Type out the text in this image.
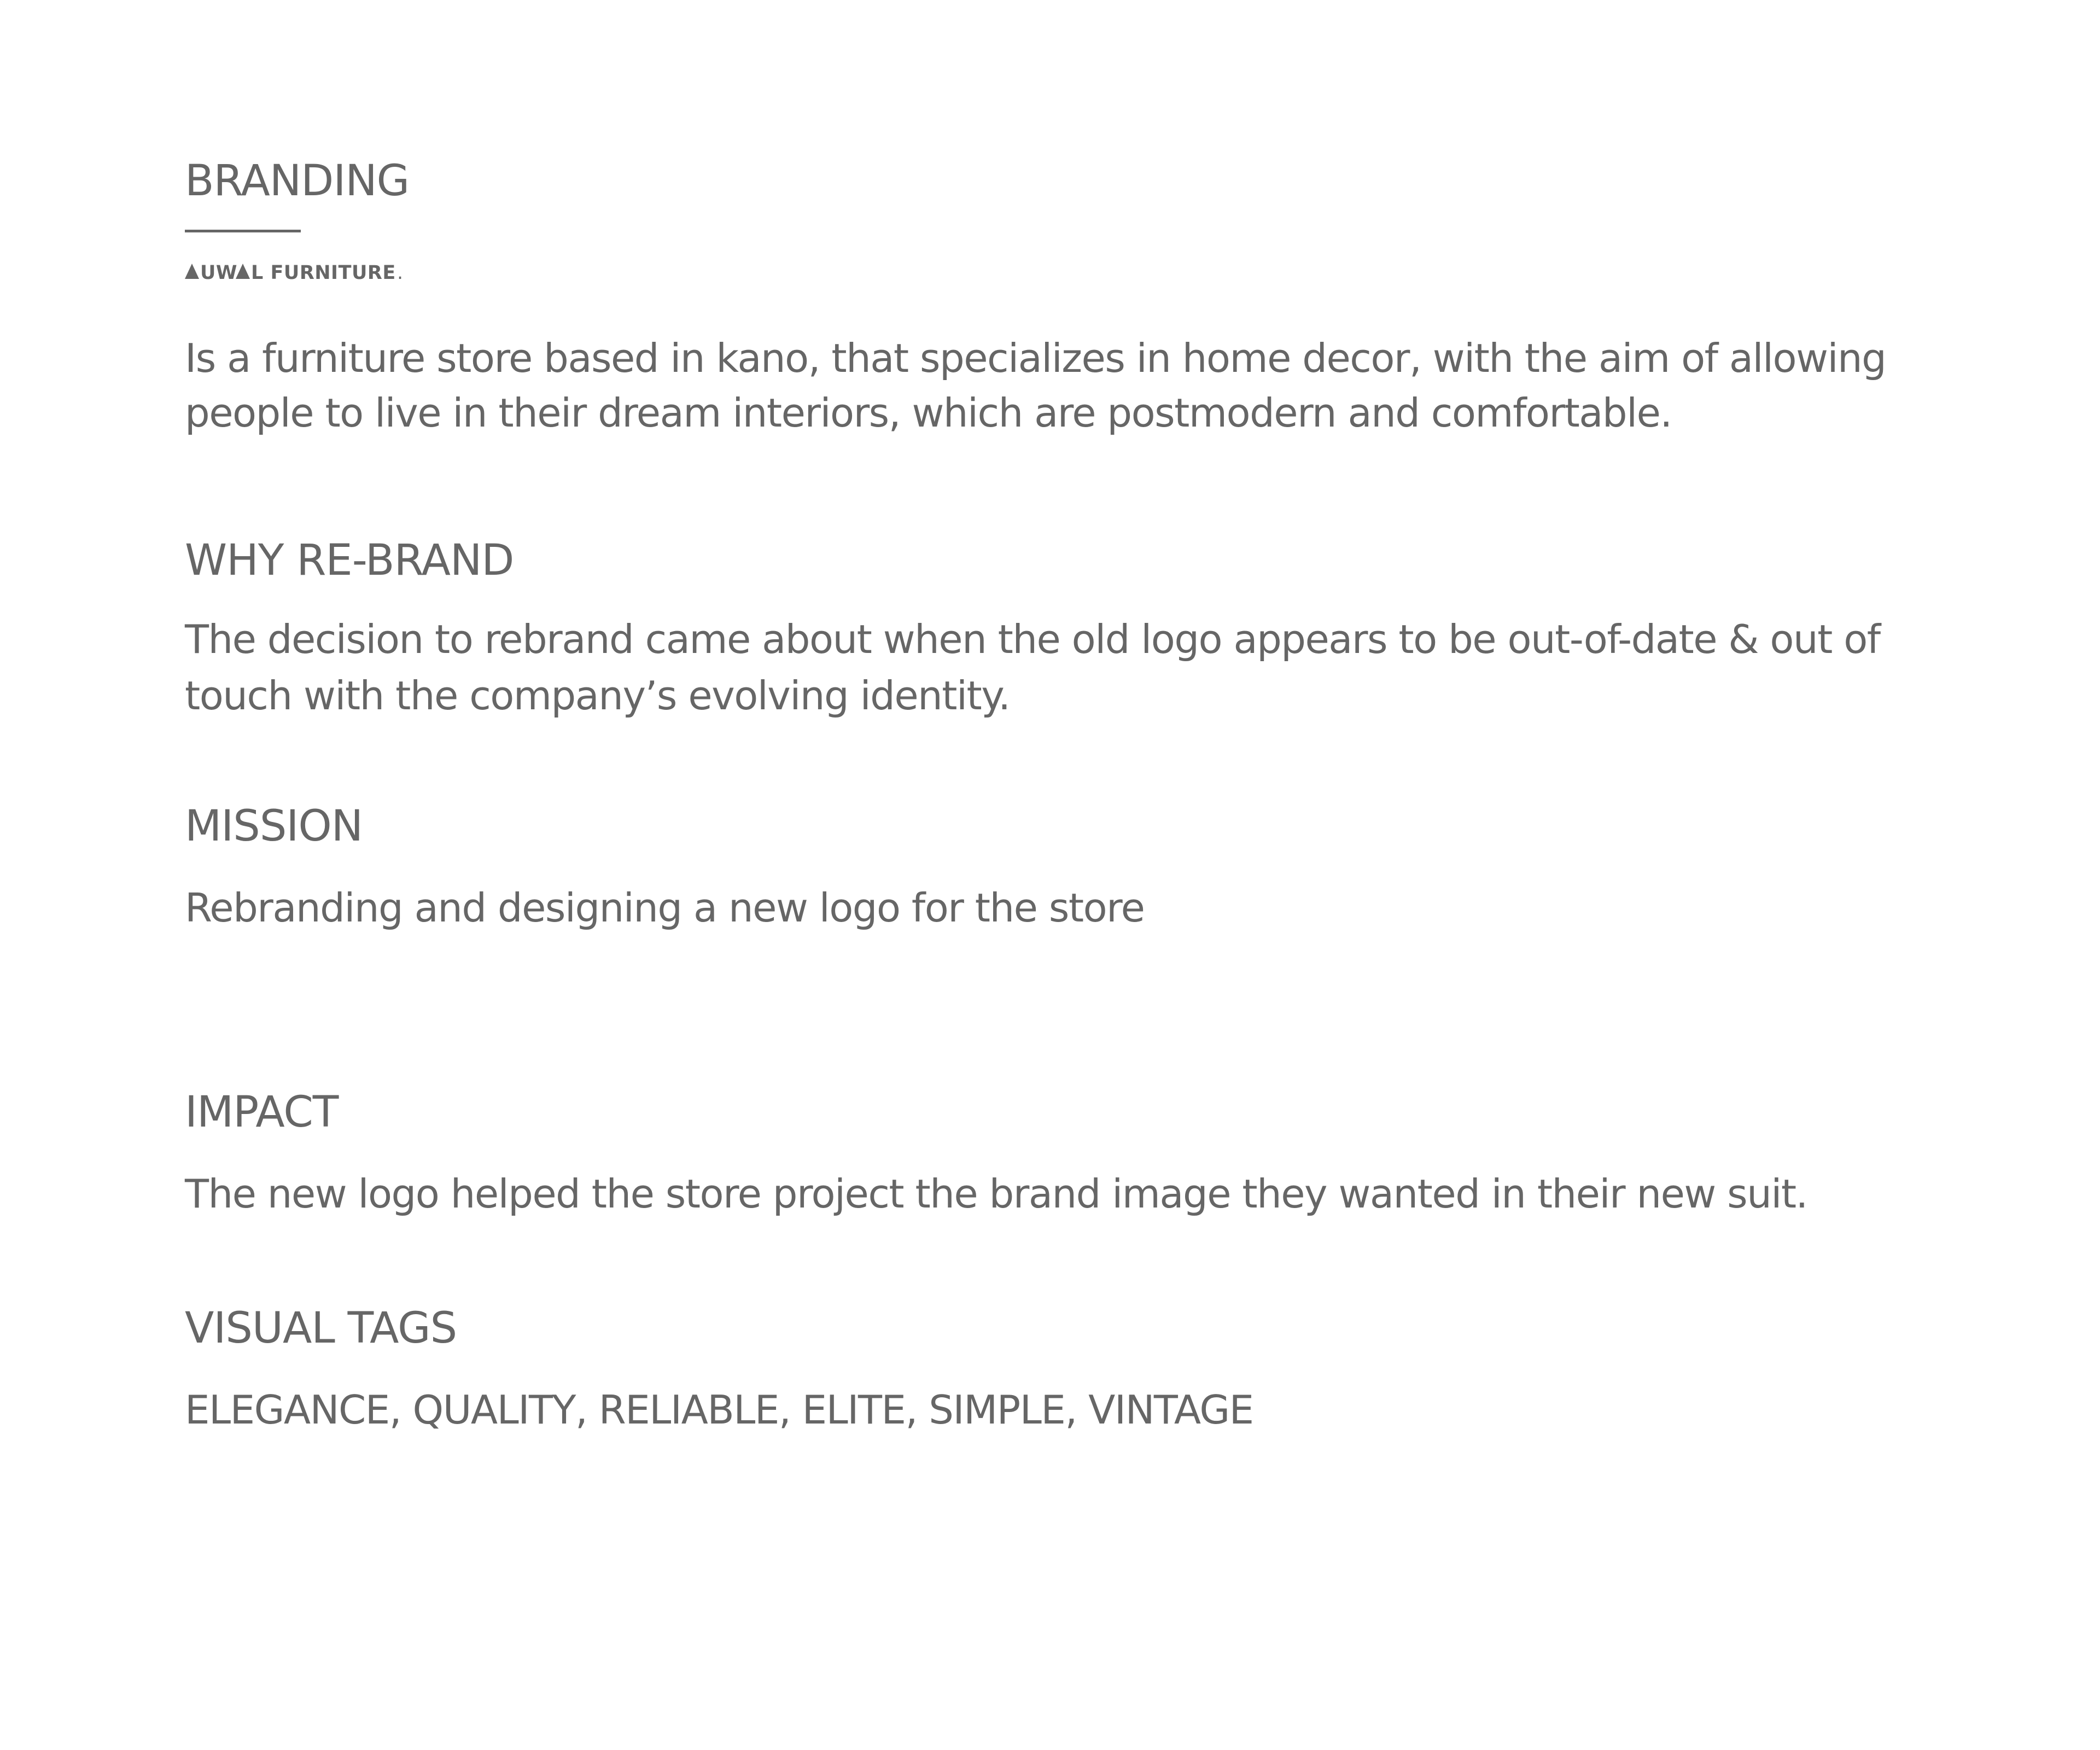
BRANDING
UW L FURNITURE .

Is a furniture store based in kano, that specializes in home decor, with the aim of allowing people to live in their dream interiors, which are postmodern and comfortable.

WHY RE-BRAND

The decision to rebrand came about when the old logo appears to be out-of-date & out of touch with the company’s evolving identity.

MISSION

Rebranding and designing a new logo for the store

IMPACT

The new logo helped the store project the brand image they wanted in their new suit.

VISUAL TAGS

ELEGANCE, QUALITY, RELIABLE, ELITE, SIMPLE, VINTAGE
